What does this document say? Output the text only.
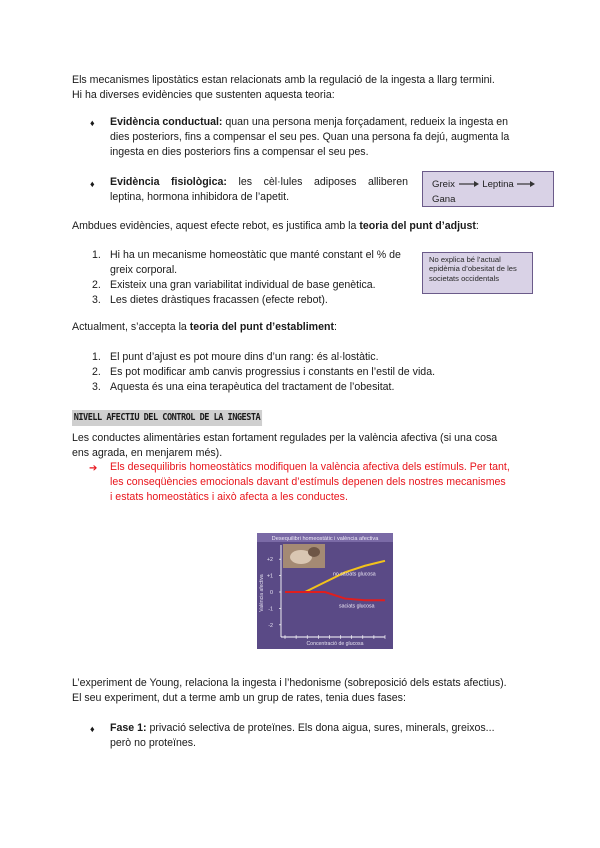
Els mecanismes lipostàtics estan relacionats amb la regulació de la ingesta a llarg termini.

Hi ha diverses evidències que sustenten aquesta teoria:

♦ Evidència conductual: quan una persona menja forçadament, redueix la ingesta en

dies posteriors, fins a compensar el seu pes. Quan una persona fa dejú, augmenta la

ingesta en dies posteriors fins a compensar el seu pes.

♦ Evidència fisiològica: les cèl·lules adiposes alliberen

leptina, hormona inhibidora de l’apetit.

Greix	Leptina  Gana

Ambdues evidències, aquest efecte rebot, es justifica amb la teoria del punt d’adjust:

1. Hi ha un mecanisme homeostàtic que manté constant el % de

greix corporal.

2. Existeix una gran variabilitat individual de base genètica.

3. Les dietes dràstiques fracassen (efecte rebot).

No explica bé l’actual

epidèmia d’obesitat de les

societats occidentals

Actualment, s’accepta la teoria del punt d’establiment:

1. El punt d’ajust es pot moure dins d’un rang: és al·lostàtic.

2. Es pot modificar amb canvis progressius i constants en l’estil de vida.

3. Aquesta és una eina terapèutica del tractament de l’obesitat.

NIVELL AFECTIU DEL CONTROL DE LA INGESTA

Les conductes alimentàries estan fortament regulades per la valència afectiva (si una cosa

ens agrada, en menjarem més).

➔ Els desequilibris homeostàtics modifiquen la valència afectiva dels estímuls. Per tant,

les conseqüències emocionals davant d’estímuls depenen dels nostres mecanismes

i estats homeostàtics i això afecta a les conductes.

Desequilibri homeostàtic i valència afectiva
+2
+1
0
-1
-2
no saciats glucosa
saciats glucosa
València afectiva
Concentració de glucosa

L’experiment de Young, relaciona la ingesta i l’hedonisme (sobreposició dels estats afectius).

El seu experiment, dut a terme amb un grup de rates, tenia dues fases:

♦ Fase 1: privació selectiva de proteïnes. Els dona aigua, sures, minerals, greixos...

però no proteïnes.
